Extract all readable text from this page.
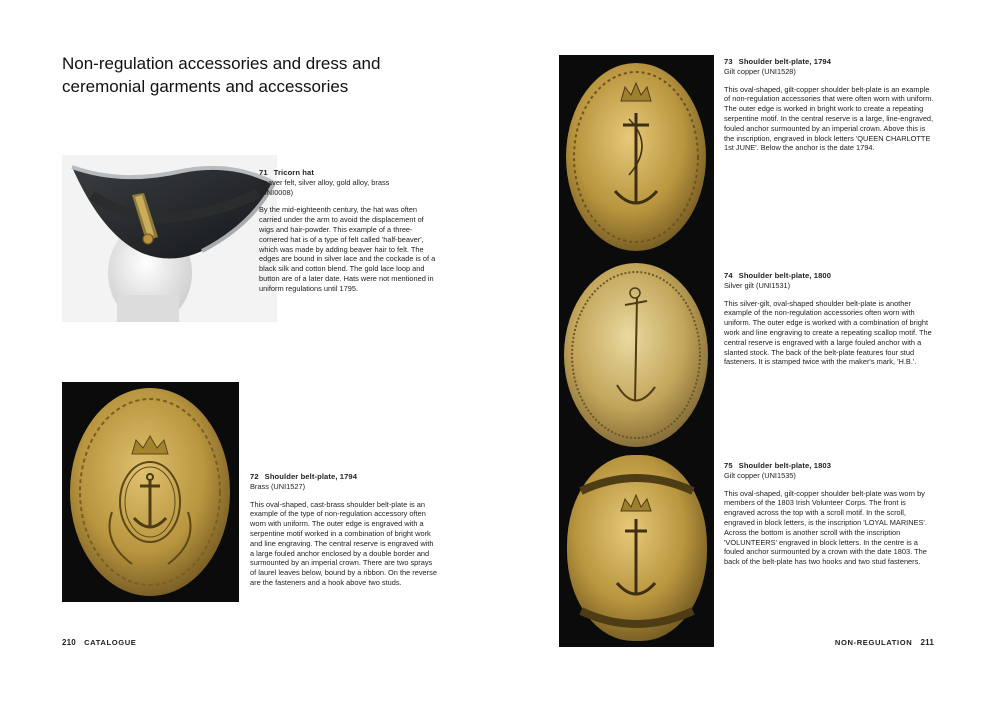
Non-regulation accessories and dress and ceremonial garments and accessories
71 Tricorn hat
Beaver felt, silver alloy, gold alloy, brass
(UNI0008)
By the mid-eighteenth century, the hat was often carried under the arm to avoid the displacement of wigs and hair-powder. This example of a three-cornered hat is of a type of felt called 'half-beaver', which was made by adding beaver hair to felt. The edges are bound in silver lace and the cockade is of a black silk and cotton blend. The gold lace loop and button are of a later date. Hats were not mentioned in uniform regulations until 1795.
72 Shoulder belt-plate, 1794
Brass (UNI1527)
This oval-shaped, cast-brass shoulder belt-plate is an example of the type of non-regulation accessory often worn with uniform. The outer edge is engraved with a serpentine motif worked in a combination of bright work and line engraving. The central reserve is engraved with a large fouled anchor enclosed by a double border and surmounted by an imperial crown. There are two sprays of laurel leaves below, bound by a ribbon. On the reverse are the fasteners and a hook above two studs.
210 CATALOGUE
73 Shoulder belt-plate, 1794
Gilt copper (UNI1528)
This oval-shaped, gilt-copper shoulder belt-plate is an example of non-regulation accessories that were often worn with uniform. The outer edge is worked in bright work to create a repeating serpentine motif. In the central reserve is a large, line-engraved, fouled anchor surmounted by an imperial crown. Above this is the inscription, engraved in block letters 'QUEEN CHARLOTTE 1st JUNE'. Below the anchor is the date 1794.
74 Shoulder belt-plate, 1800
Silver gilt (UNI1531)
This silver-gilt, oval-shaped shoulder belt-plate is another example of the non-regulation accessories often worn with uniform. The outer edge is worked with a combination of bright work and line engraving to create a repeating scallop motif. The central reserve is engraved with a large fouled anchor with a slanted stock. The back of the belt-plate features four stud fasteners. It is stamped twice with the maker's mark, 'H.B.'.
75 Shoulder belt-plate, 1803
Gilt copper (UNI1535)
This oval-shaped, gilt-copper shoulder belt-plate was worn by members of the 1803 Irish Volunteer Corps. The front is engraved across the top with a scroll motif. In the scroll, engraved in block letters, is the inscription 'LOYAL MARINES'. Across the bottom is another scroll with the inscription 'VOLUNTEERS' engraved in block letters. In the centre is a fouled anchor surmounted by a crown with the date 1803. The back of the belt-plate has two hooks and two stud fasteners.
NON-REGULATION 211
